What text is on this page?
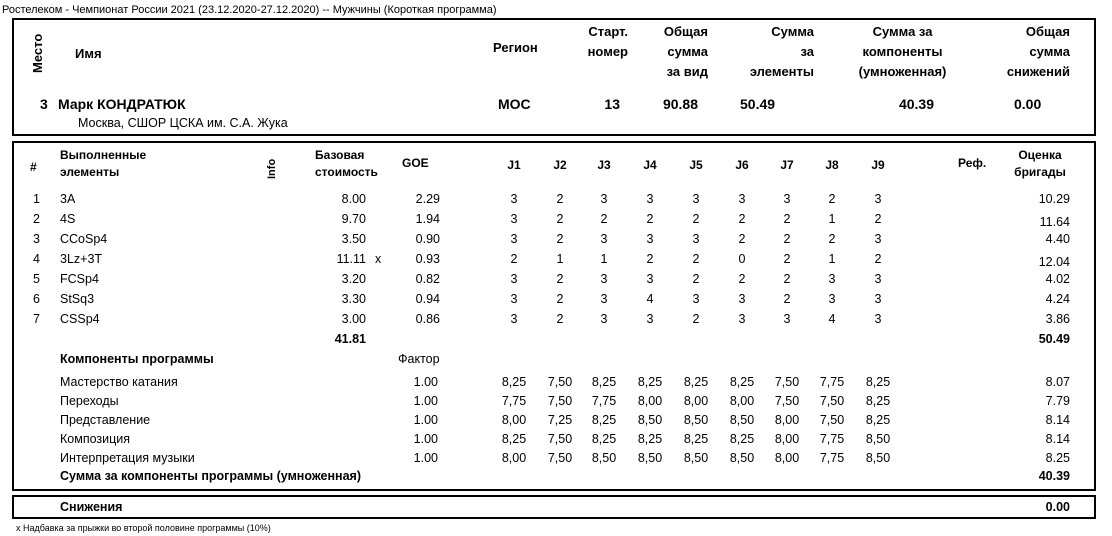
Ростелеком - Чемпионат России 2021 (23.12.2020-27.12.2020) -- Мужчины (Короткая программа)
Место	Имя	Регион
Старт.
номер
Общая
сумма
за вид
Сумма
за
элементы
Сумма за
компоненты
(умноженная)
Общая
сумма
снижений
3 Марк КОНДРАТЮК
Москва, СШОР ЦСКА им. С.А. Жука
MOC	13	90.88	50.49	40.39	0.00
#
Выполненные
элементы	Info
Базовая
стоимость
GOE	J1	J2	J3	J4	J5	J6	J7	J8	J9	Реф.
Оценка
бригады
1 3A	8.00	2.29	3	2	3	3	3	3	3	2	3	10.29
2 4S	9.70	1.94	3	2	2	2	2	2	2	1	2	11.64
3 CCoSp4	3.50	0.90	3	2	3	3	3	2	2	2	3	4.40
4 3Lz+3T	11.11 x	0.93	2	1	1	2	2	0	2	1	2	12.04
5 FCSp4	3.20	0.82	3	2	3	3	2	2	2	3	3	4.02
6 StSq3	3.30	0.94	3	2	3	4	3	3	2	3	3	4.24
7 CSSp4	3.00	0.86	3	2	3	3	2	3	3	4	3	3.86
41.81	50.49
Компоненты программы	Фактор
Мастерство катания	1.00	8,25	7,50	8,25	8,25	8,25	8,25	7,50	7,75	8,25	8.07
Переходы	1.00	7,75	7,50	7,75	8,00	8,00	8,00	7,50	7,50	8,25	7.79
Представление	1.00	8,00	7,25	8,25	8,50	8,50	8,50	8,00	7,50	8,25	8.14
Композиция	1.00	8,25	7,50	8,25	8,25	8,25	8,25	8,00	7,75	8,50	8.14
Интерпретация музыки	1.00	8,00	7,50	8,50	8,50	8,50	8,50	8,00	7,75	8,50	8.25
Сумма за компоненты программы (умноженная)	40.39
Снижения	0.00
x Надбавка за прыжки во второй половине программы (10%)
